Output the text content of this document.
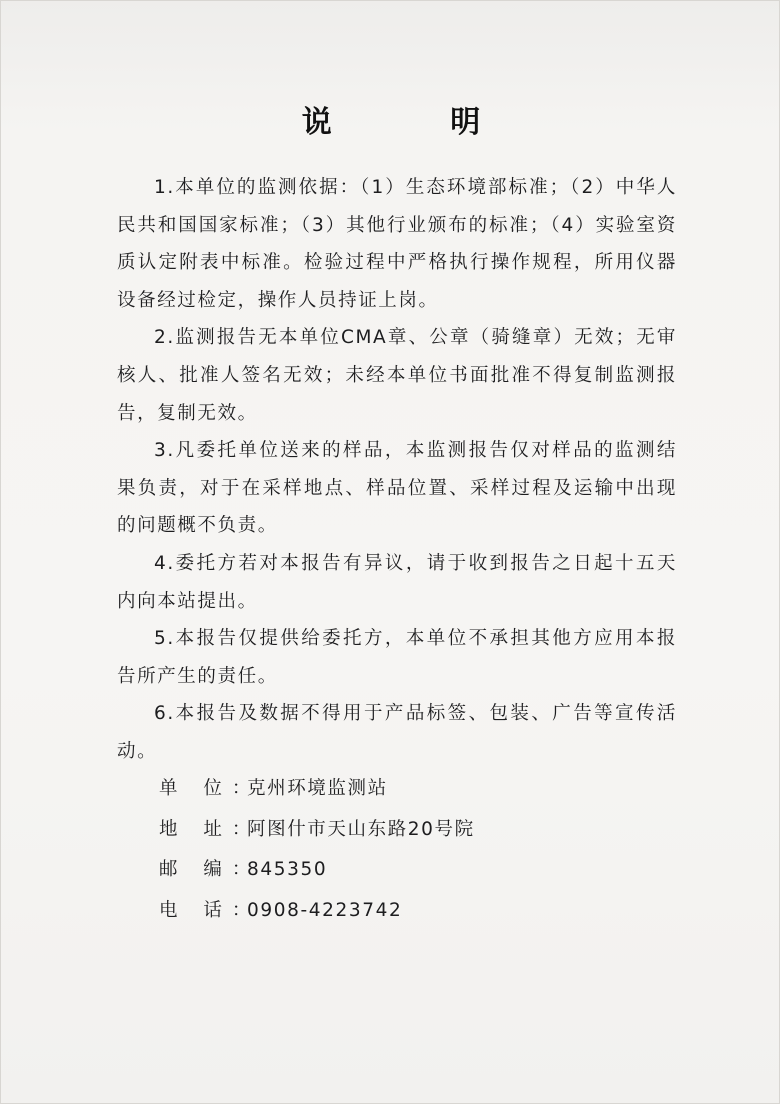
说 明

1.本单位的监测依据：（1）生态环境部标准；（2）中华人民共和国国家标准；（3）其他行业颁布的标准；（4）实验室资质认定附表中标准。检验过程中严格执行操作规程，所用仪器设备经过检定，操作人员持证上岗。

2.监测报告无本单位CMA章、公章（骑缝章）无效；无审核人、批准人签名无效；未经本单位书面批准不得复制监测报告，复制无效。

3.凡委托单位送来的样品，本监测报告仅对样品的监测结果负责，对于在采样地点、样品位置、采样过程及运输中出现的问题概不负责。

4.委托方若对本报告有异议，请于收到报告之日起十五天内向本站提出。

5.本报告仅提供给委托方，本单位不承担其他方应用本报告所产生的责任。

6.本报告及数据不得用于产品标签、包装、广告等宣传活动。

单 位：
克州环境监测站
地 址：
阿图什市天山东路20号院
邮 编：
845350
电 话：
0908-4223742
